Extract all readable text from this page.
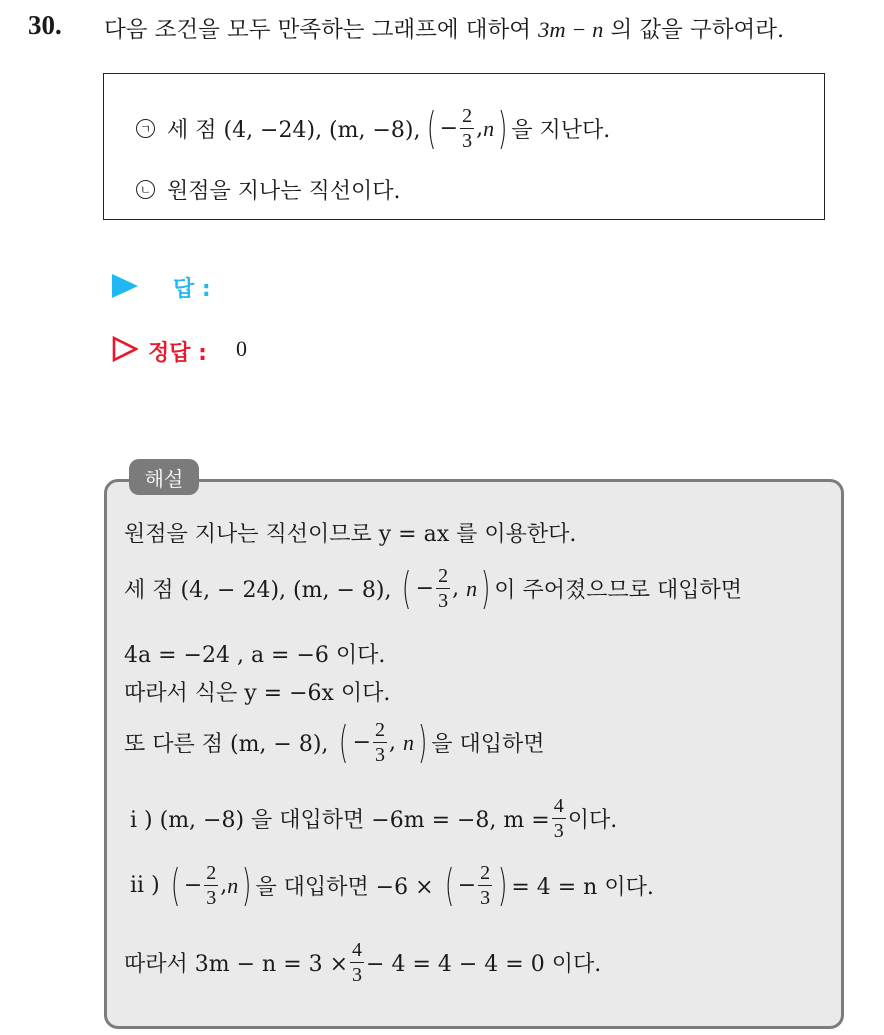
30. 다음 조건을 모두 만족하는 그래프에 대하여 3m − n 의 값을 구하여라.
ㄱ 세 점 (4, −24), (m, −8), ( − $\frac{2}{3}$ , n ) 을 지난다.
ㄴ 원점을 지나는 직선이다.
답 :
정답 : 0
해설
원점을 지나는 직선이므로 y = ax 를 이용한다.
세 점 (4, − 24), (m, − 8), ( − $\frac{2}{3}$ , n ) 이 주어졌으므로 대입하면
4a = −24 , a = −6 이다.
따라서 식은 y = −6x 이다.
또 다른 점 (m, − 8), ( − $\frac{2}{3}$ , n ) 을 대입하면
i ) (m, −8) 을 대입하면 −6m = −8, $m = \frac{4}{3}$ 이다.
ii ) ( − $\frac{2}{3}$ , n ) 을 대입하면 −6 × ( − $\frac{2}{3}$ ) = 4 = n 이다.
따라서 $3m - n = 3 \times \frac{4}{3} - 4 = 4 - 4 = 0$ 이다.
